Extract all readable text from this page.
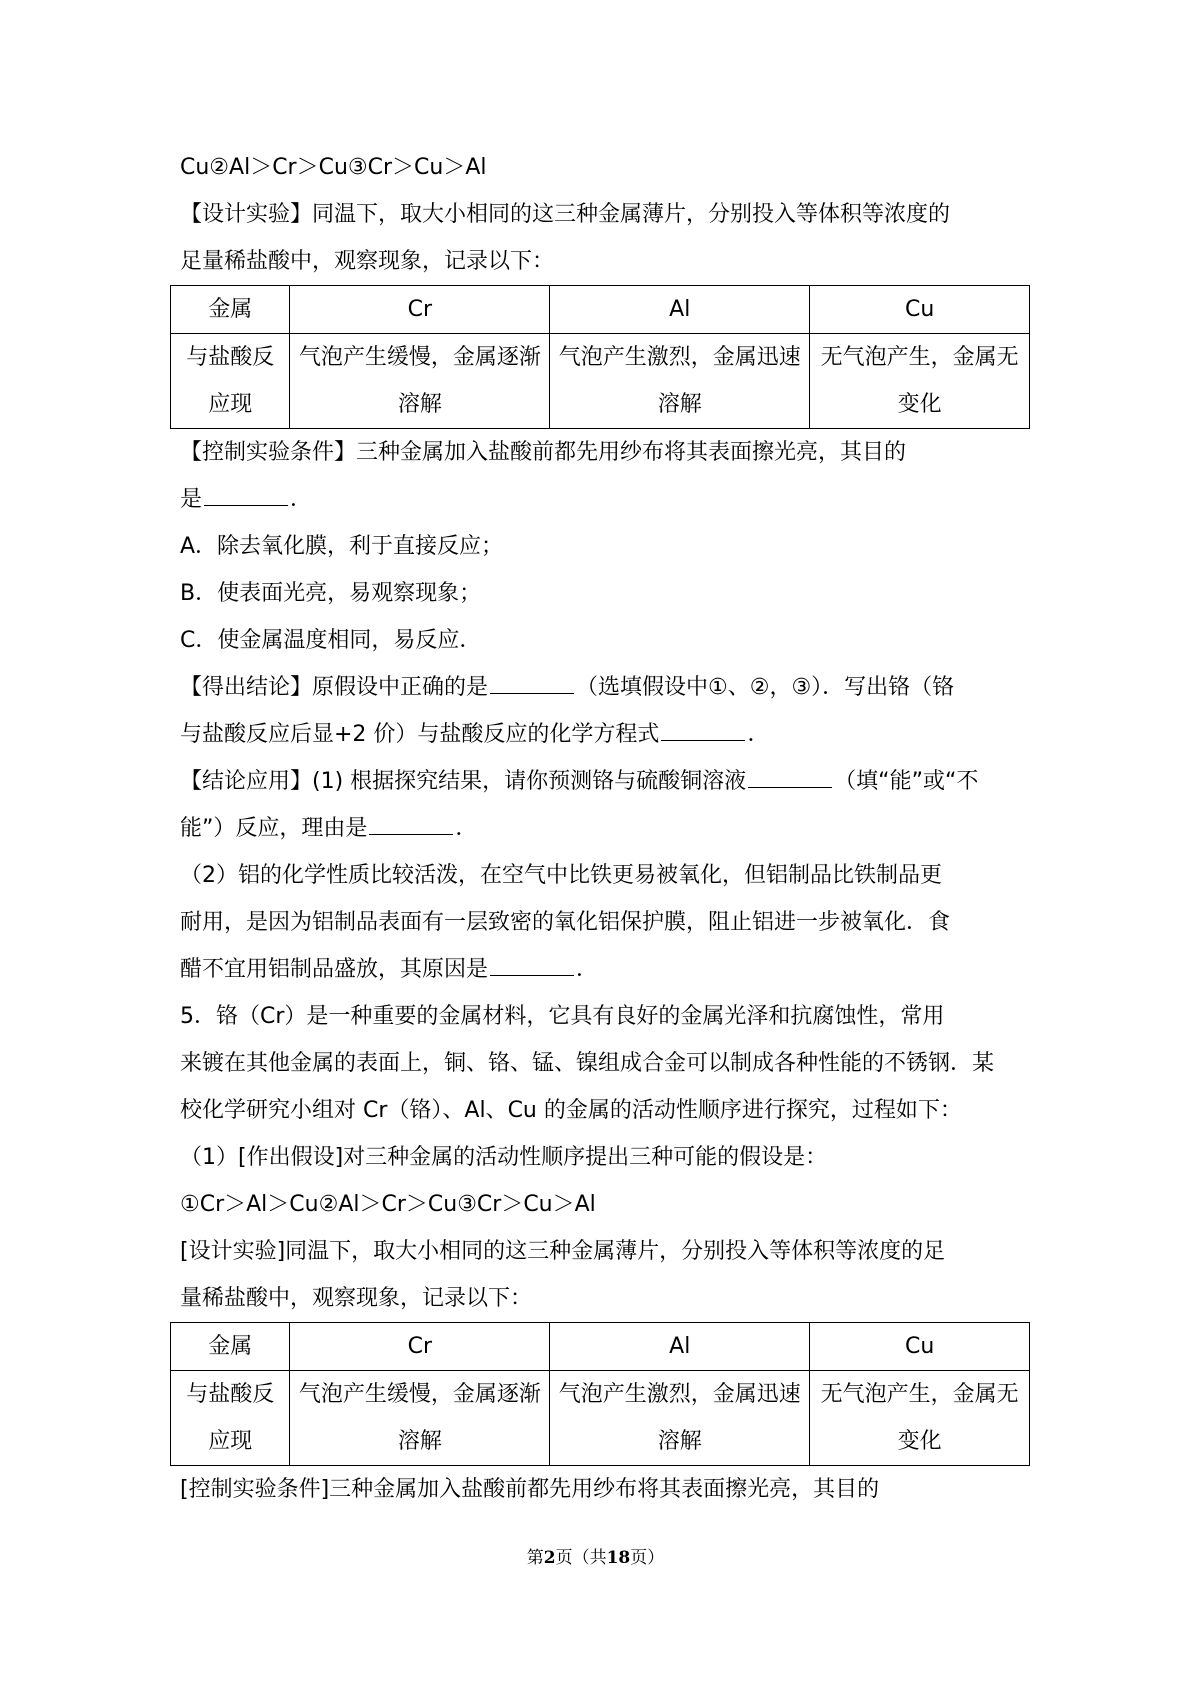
Cu②Al＞Cr＞Cu③Cr＞Cu＞Al
【设计实验】同温下，取大小相同的这三种金属薄片，分别投入等体积等浓度的
足量稀盐酸中，观察现象，记录以下：
金属	Cr	Al	Cu
与盐酸反应现	气泡产生缓慢，金属逐渐溶解	气泡产生激烈，金属迅速溶解	无气泡产生，金属无变化
【控制实验条件】三种金属加入盐酸前都先用纱布将其表面擦光亮，其目的
是	．
A．除去氧化膜，利于直接反应；
B．使表面光亮，易观察现象；
C．使金属温度相同，易反应．
【得出结论】原假设中正确的是	（选填假设中①、②，③）．写出铬（铬
与盐酸反应后显+2 价）与盐酸反应的化学方程式	．
【结论应用】(1) 根据探究结果，请你预测铬与硫酸铜溶液	（填“能”或“不
能”）反应，理由是	．
（2）铝的化学性质比较活泼，在空气中比铁更易被氧化，但铝制品比铁制品更
耐用，是因为铝制品表面有一层致密的氧化铝保护膜，阻止铝进一步被氧化．食
醋不宜用铝制品盛放，其原因是	．
5．铬（Cr）是一种重要的金属材料，它具有良好的金属光泽和抗腐蚀性，常用
来镀在其他金属的表面上，铜、铬、锰、镍组成合金可以制成各种性能的不锈钢．某
校化学研究小组对 Cr（铬）、Al、Cu 的金属的活动性顺序进行探究，过程如下：
（1）[作出假设]对三种金属的活动性顺序提出三种可能的假设是：
①Cr＞Al＞Cu②Al＞Cr＞Cu③Cr＞Cu＞Al
[设计实验]同温下，取大小相同的这三种金属薄片，分别投入等体积等浓度的足
量稀盐酸中，观察现象，记录以下：
金属	Cr	Al	Cu
与盐酸反应现	气泡产生缓慢，金属逐渐溶解	气泡产生激烈，金属迅速溶解	无气泡产生，金属无变化
[控制实验条件]三种金属加入盐酸前都先用纱布将其表面擦光亮，其目的
第2页（共18页）
